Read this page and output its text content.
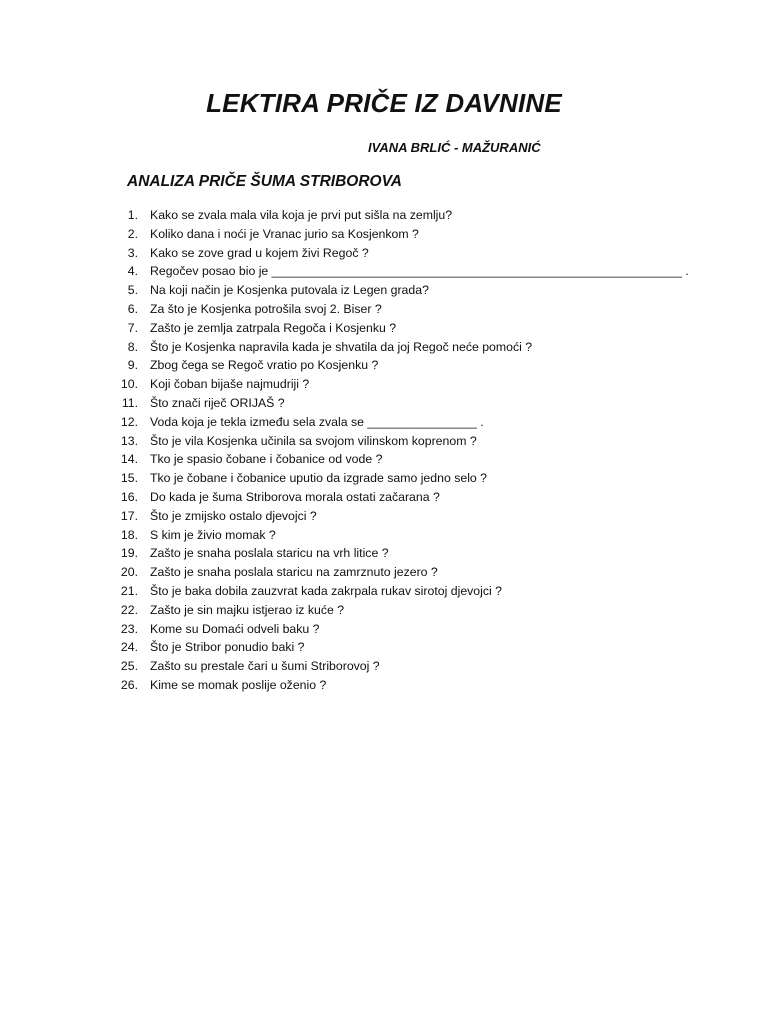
LEKTIRA PRIČE IZ DAVNINE

IVANA BRLIĆ - MAŽURANIĆ

ANALIZA PRIČE ŠUMA STRIBOROVA
1. Kako se zvala mala vila koja je prvi put sišla na zemlju?
2. Koliko dana i noći je Vranac jurio sa Kosjenkom ?
3. Kako se zove grad u kojem živi Regoč ?
4. Regočev posao bio je ____________________________________________________________ .
5. Na koji način je Kosjenka putovala iz Legen grada?
6. Za što je Kosjenka potrošila svoj 2. Biser ?
7. Zašto je zemlja zatrpala Regoča i Kosjenku ?
8. Što je Kosjenka napravila kada je shvatila da joj Regoč neće pomoći ?
9. Zbog čega se Regoč vratio po Kosjenku ?
10. Koji čoban bijaše najmudriji ?
11. Što znači riječ ORIJAŠ ?
12. Voda koja je tekla između sela zvala se ________________ .
13. Što je vila Kosjenka učinila sa svojom vilinskom koprenom ?
14. Tko je spasio čobane i čobanice od vode ?
15. Tko je čobane i čobanice uputio da izgrade samo jedno selo ?
16. Do kada je šuma Striborova morala ostati začarana ?
17. Što je zmijsko ostalo djevojci ?
18. S kim je živio momak ?
19. Zašto je snaha poslala staricu na vrh litice ?
20. Zašto je snaha poslala staricu na zamrznuto jezero ?
21. Što je baka dobila zauzvrat kada zakrpala rukav sirotoj djevojci ?
22. Zašto je sin majku istjerao iz kuće ?
23. Kome su Domaći odveli baku ?
24. Što je Stribor ponudio baki ?
25. Zašto su prestale čari u šumi Striborovoj ?
26. Kime se momak poslije oženio ?
